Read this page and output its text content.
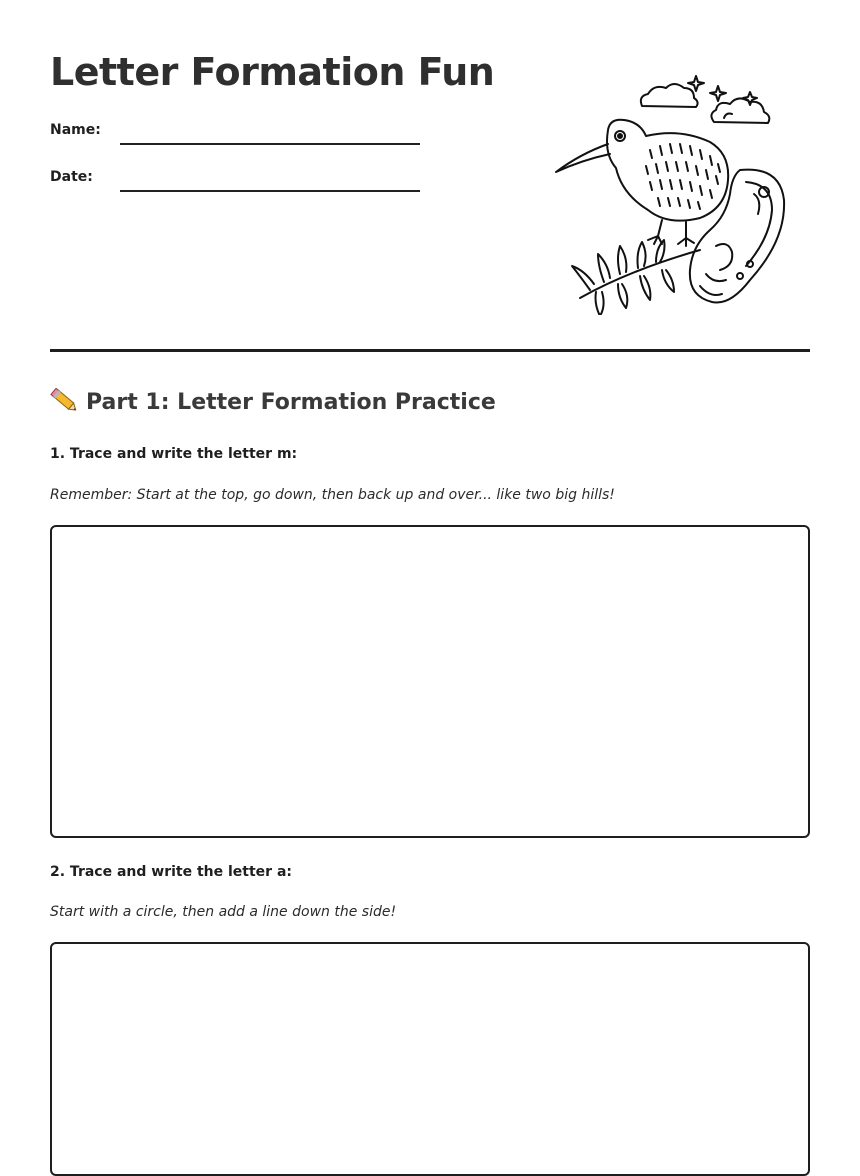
Letter Formation Fun
Name:
Date:
Part 1: Letter Formation Practice

1. Trace and write the letter m:

Remember: Start at the top, go down, then back up and over... like two big hills!

2. Trace and write the letter a:

Start with a circle, then add a line down the side!
